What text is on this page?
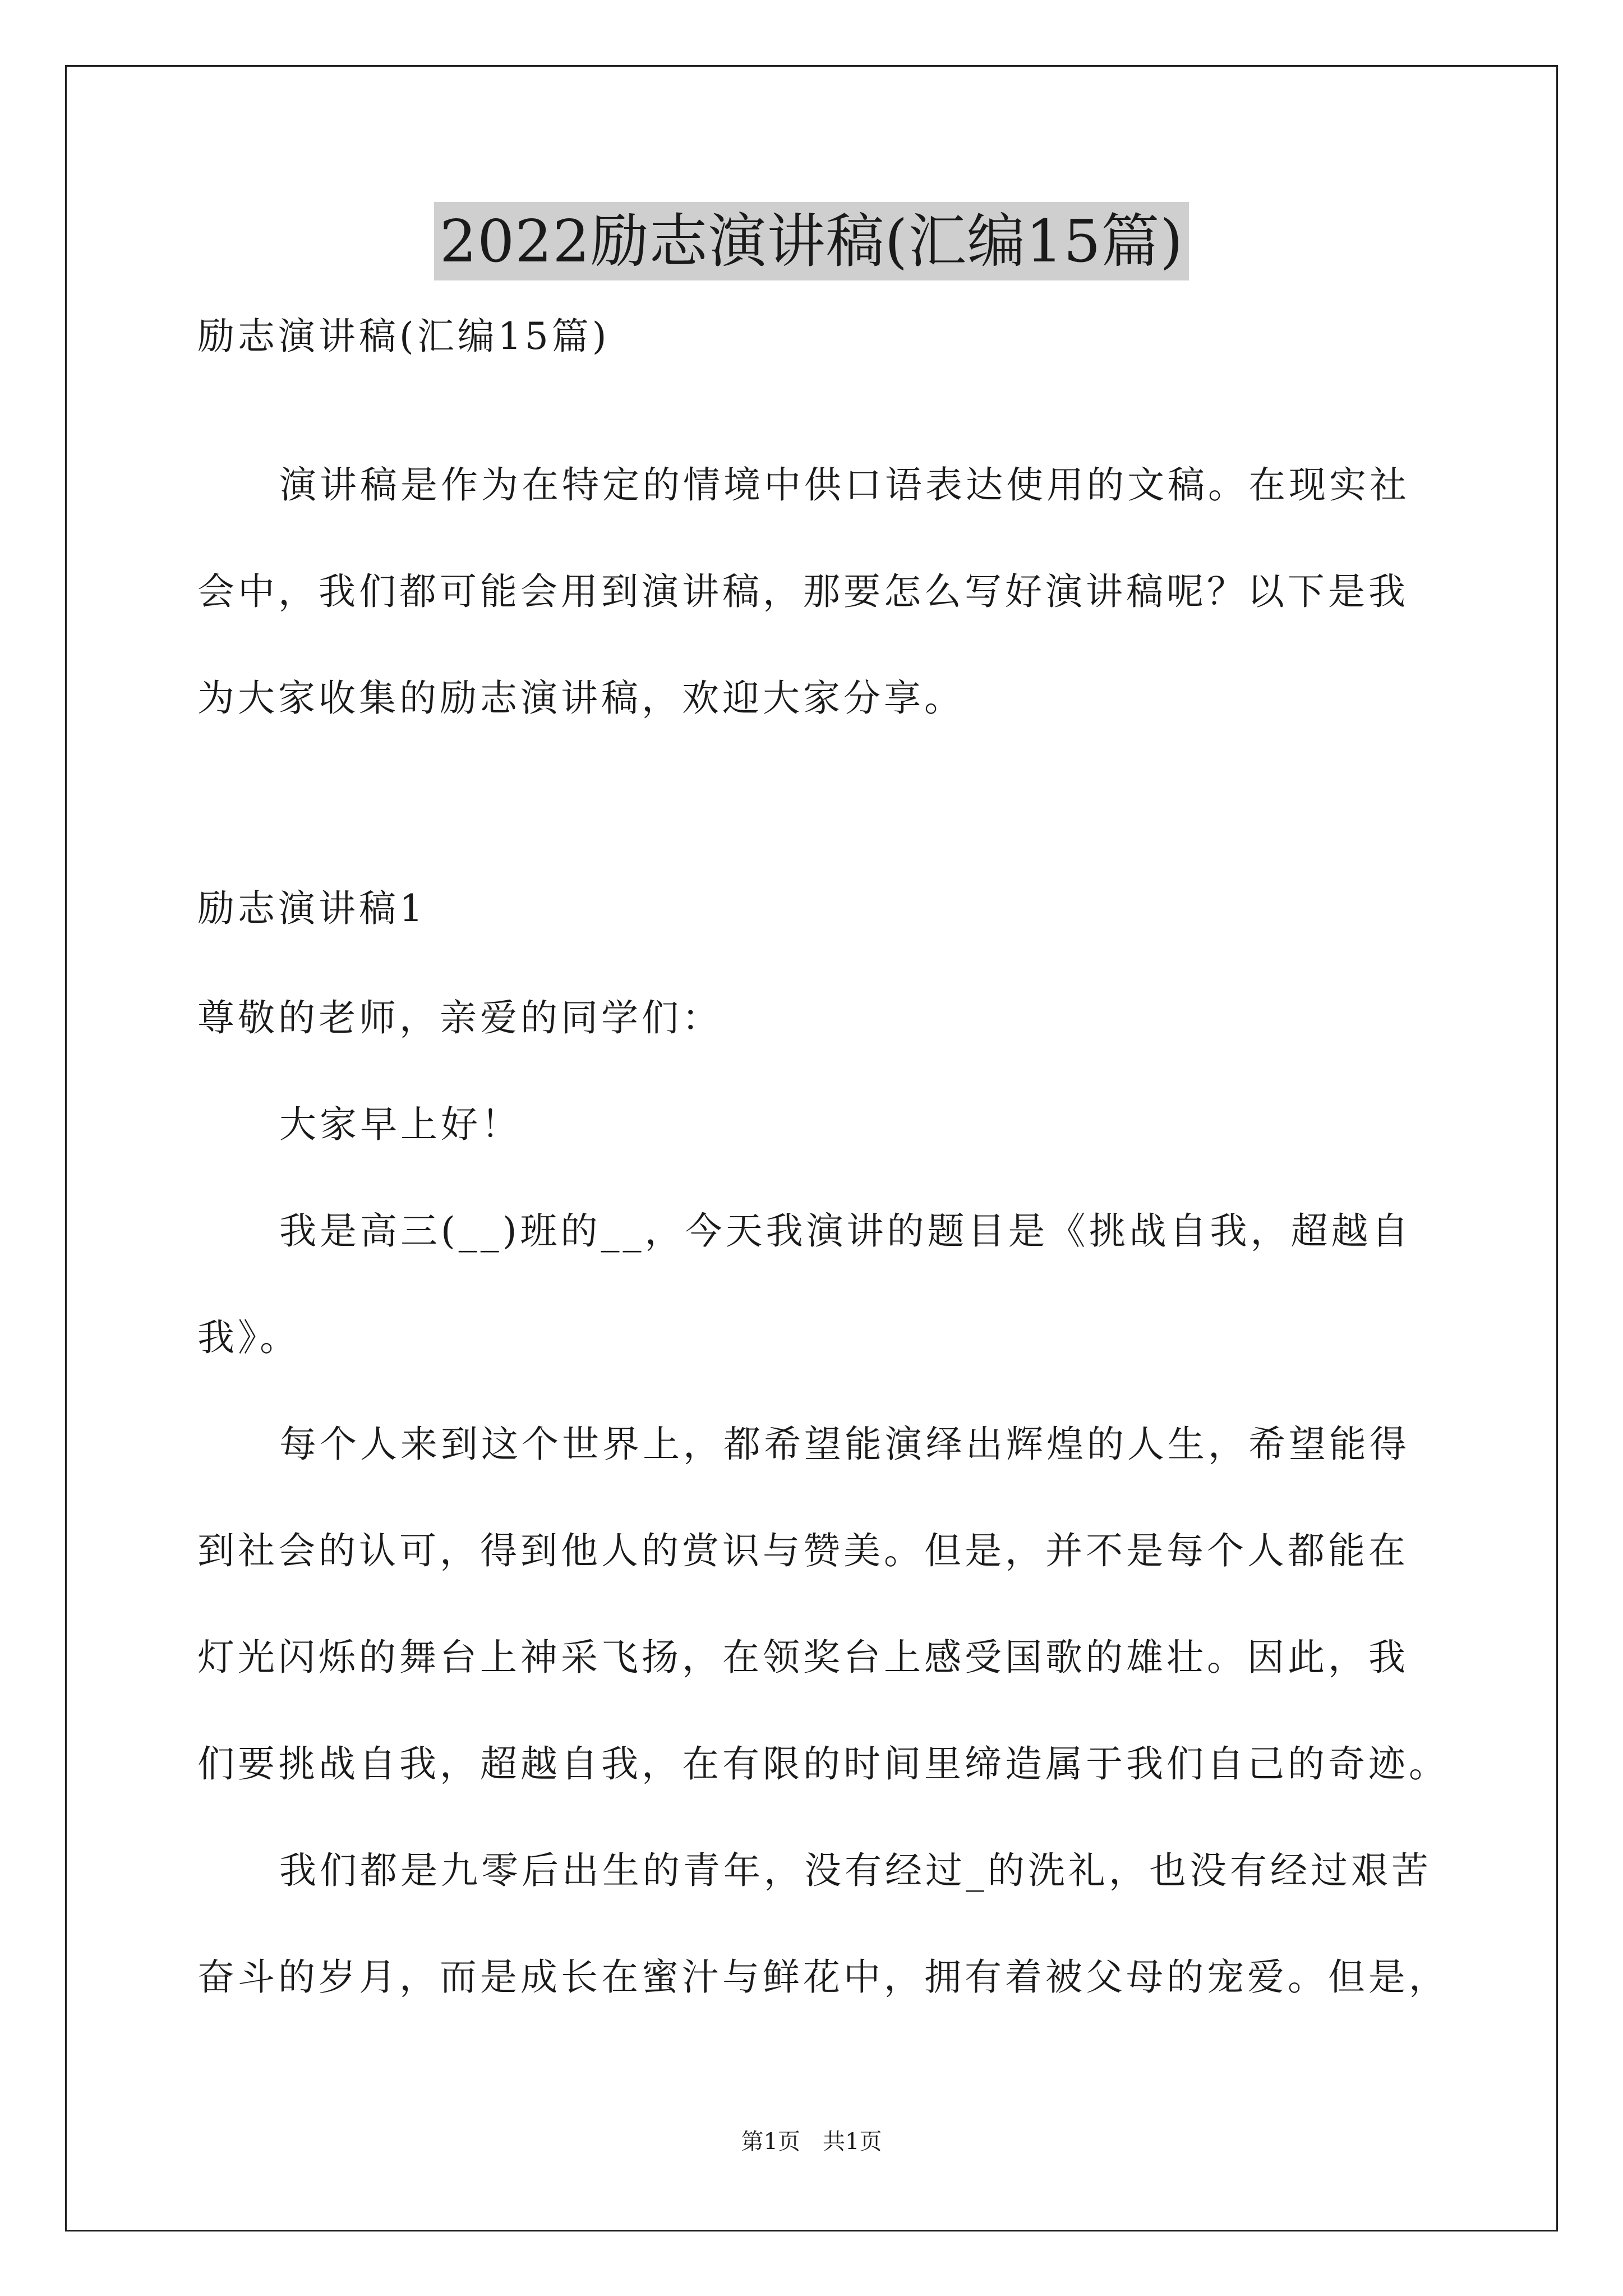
2022励志演讲稿(汇编15篇)
励志演讲稿(汇编15篇)
演讲稿是作为在特定的情境中供口语表达使用的文稿。在现实社
会中，我们都可能会用到演讲稿，那要怎么写好演讲稿呢？以下是我
为大家收集的励志演讲稿，欢迎大家分享。
励志演讲稿1
尊敬的老师，亲爱的同学们：
大家早上好！
我是高三(__)班的__，今天我演讲的题目是《挑战自我，超越自
我》。
每个人来到这个世界上，都希望能演绎出辉煌的人生，希望能得
到社会的认可，得到他人的赏识与赞美。但是，并不是每个人都能在
灯光闪烁的舞台上神采飞扬，在领奖台上感受国歌的雄壮。因此，我
们要挑战自我，超越自我，在有限的时间里缔造属于我们自己的奇迹。
我们都是九零后出生的青年，没有经过_的洗礼，也没有经过艰苦
奋斗的岁月，而是成长在蜜汁与鲜花中，拥有着被父母的宠爱。但是，
第1页　共1页
